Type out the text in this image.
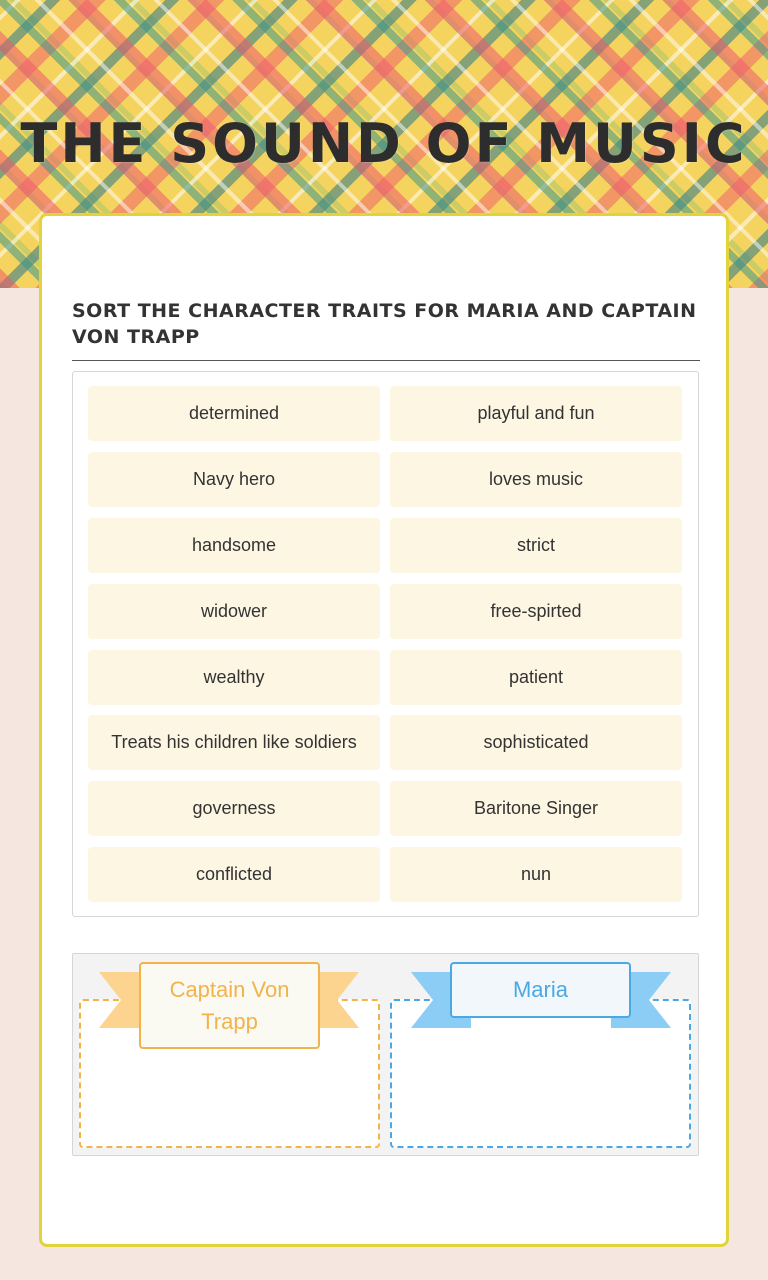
THE SOUND OF MUSIC
SORT THE CHARACTER TRAITS FOR MARIA AND CAPTAIN VON TRAPP
determined	playful and fun
Navy hero	loves music
handsome	strict
widower	free-spirted
wealthy	patient
Treats his children like soldiers	sophisticated
governess	Baritone Singer
conflicted	nun
Captain Von Trapp
Maria
